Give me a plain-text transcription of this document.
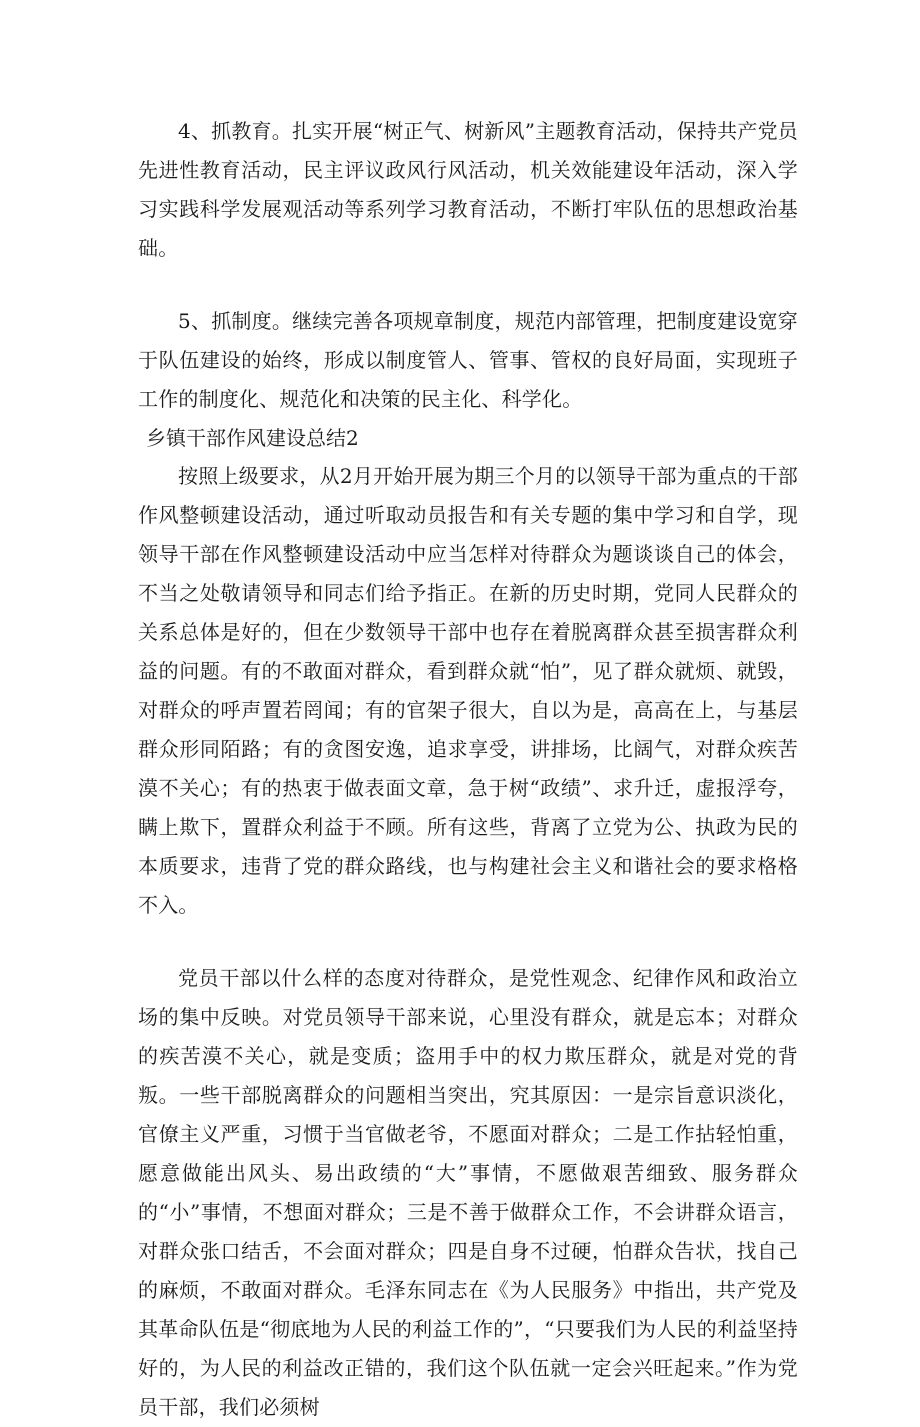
4、抓教育。扎实开展“树正气、树新风”主题教育活动，保持共产党员先进性教育活动，民主评议政风行风活动，机关效能建设年活动，深入学习实践科学发展观活动等系列学习教育活动，不断打牢队伍的思想政治基础。

5、抓制度。继续完善各项规章制度，规范内部管理，把制度建设宽穿于队伍建设的始终，形成以制度管人、管事、管权的良好局面，实现班子工作的制度化、规范化和决策的民主化、科学化。

乡镇干部作风建设总结2

按照上级要求，从2月开始开展为期三个月的以领导干部为重点的干部作风整顿建设活动，通过听取动员报告和有关专题的集中学习和自学，现领导干部在作风整顿建设活动中应当怎样对待群众为题谈谈自己的体会，不当之处敬请领导和同志们给予指正。在新的历史时期，党同人民群众的关系总体是好的，但在少数领导干部中也存在着脱离群众甚至损害群众利益的问题。有的不敢面对群众，看到群众就“怕”，见了群众就烦、就毁，对群众的呼声置若罔闻；有的官架子很大，自以为是，高高在上，与基层群众形同陌路；有的贪图安逸，追求享受，讲排场，比阔气，对群众疾苦漠不关心；有的热衷于做表面文章，急于树“政绩”、求升迁，虚报浮夸，瞒上欺下，置群众利益于不顾。所有这些，背离了立党为公、执政为民的本质要求，违背了党的群众路线，也与构建社会主义和谐社会的要求格格不入。

党员干部以什么样的态度对待群众，是党性观念、纪律作风和政治立场的集中反映。对党员领导干部来说，心里没有群众，就是忘本；对群众的疾苦漠不关心，就是变质；盗用手中的权力欺压群众，就是对党的背叛。一些干部脱离群众的问题相当突出，究其原因：一是宗旨意识淡化，官僚主义严重，习惯于当官做老爷，不愿面对群众；二是工作拈轻怕重，愿意做能出风头、易出政绩的“大”事情，不愿做艰苦细致、服务群众的“小”事情，不想面对群众；三是不善于做群众工作，不会讲群众语言，对群众张口结舌，不会面对群众；四是自身不过硬，怕群众告状，找自己的麻烦，不敢面对群众。毛泽东同志在《为人民服务》中指出，共产党及其革命队伍是“彻底地为人民的利益工作的”，“只要我们为人民的利益坚持好的，为人民的利益改正错的，我们这个队伍就一定会兴旺起来。”作为党员干部，我们必须树
